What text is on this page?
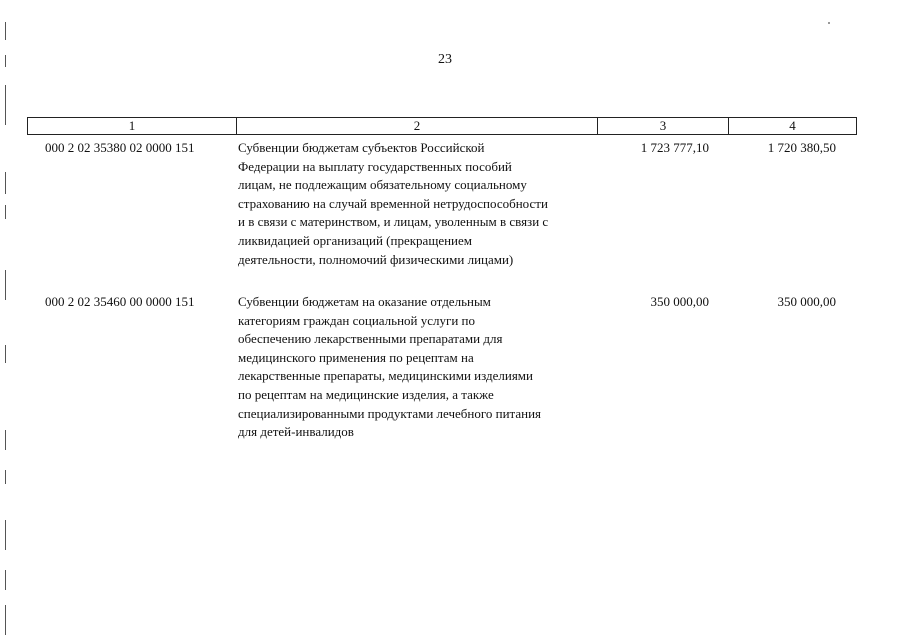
23
1	2	3	4
000 2 02 35380 02 0000 151	Субвенции бюджетам субъектов Российской
Федерации на выплату государственных пособий
лицам, не подлежащим обязательному социальному
страхованию на случай временной нетрудоспособности
и в связи с материнством, и лицам, уволенным в связи с
ликвидацией организаций (прекращением
деятельности, полномочий физическими лицами)
1 723 777,10	1 720 380,50
000 2 02 35460 00 0000 151	Субвенции бюджетам на оказание отдельным
категориям граждан социальной услуги по
обеспечению лекарственными препаратами для
медицинского применения по рецептам на
лекарственные препараты, медицинскими изделиями
по рецептам на медицинские изделия, а также
специализированными продуктами лечебного питания
для детей-инвалидов
350 000,00	350 000,00
